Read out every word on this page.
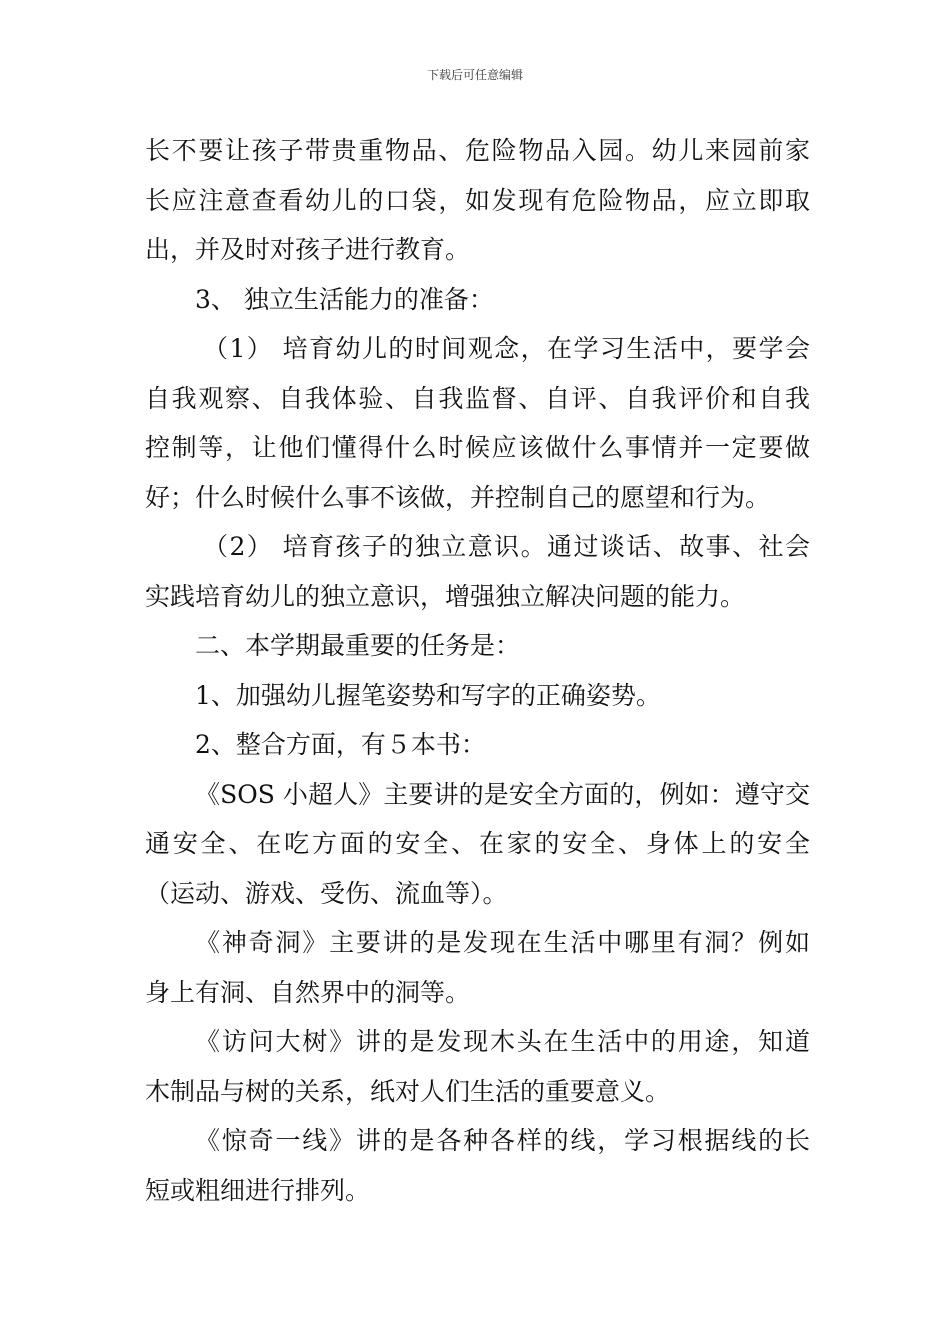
下载后可任意编辑
长不要让孩子带贵重物品、危险物品入园。幼儿来园前家
长应注意查看幼儿的口袋，如发现有危险物品，应立即取
出，并及时对孩子进行教育。
3、 独立生活能力的准备：
（1） 培育幼儿的时间观念，在学习生活中，要学会
自我观察、自我体验、自我监督、自评、自我评价和自我
控制等，让他们懂得什么时候应该做什么事情并一定要做
好；什么时候什么事不该做，并控制自己的愿望和行为。
（2） 培育孩子的独立意识。通过谈话、故事、社会
实践培育幼儿的独立意识，增强独立解决问题的能力。
二、本学期最重要的任务是：
1、加强幼儿握笔姿势和写字的正确姿势。
2、整合方面，有５本书：
《SOS 小超人》主要讲的是安全方面的，例如：遵守交
通安全、在吃方面的安全、在家的安全、身体上的安全
（运动、游戏、受伤、流血等）。
《神奇洞》主要讲的是发现在生活中哪里有洞？例如
身上有洞、自然界中的洞等。
《访问大树》讲的是发现木头在生活中的用途，知道
木制品与树的关系，纸对人们生活的重要意义。
《惊奇一线》讲的是各种各样的线，学习根据线的长
短或粗细进行排列。
